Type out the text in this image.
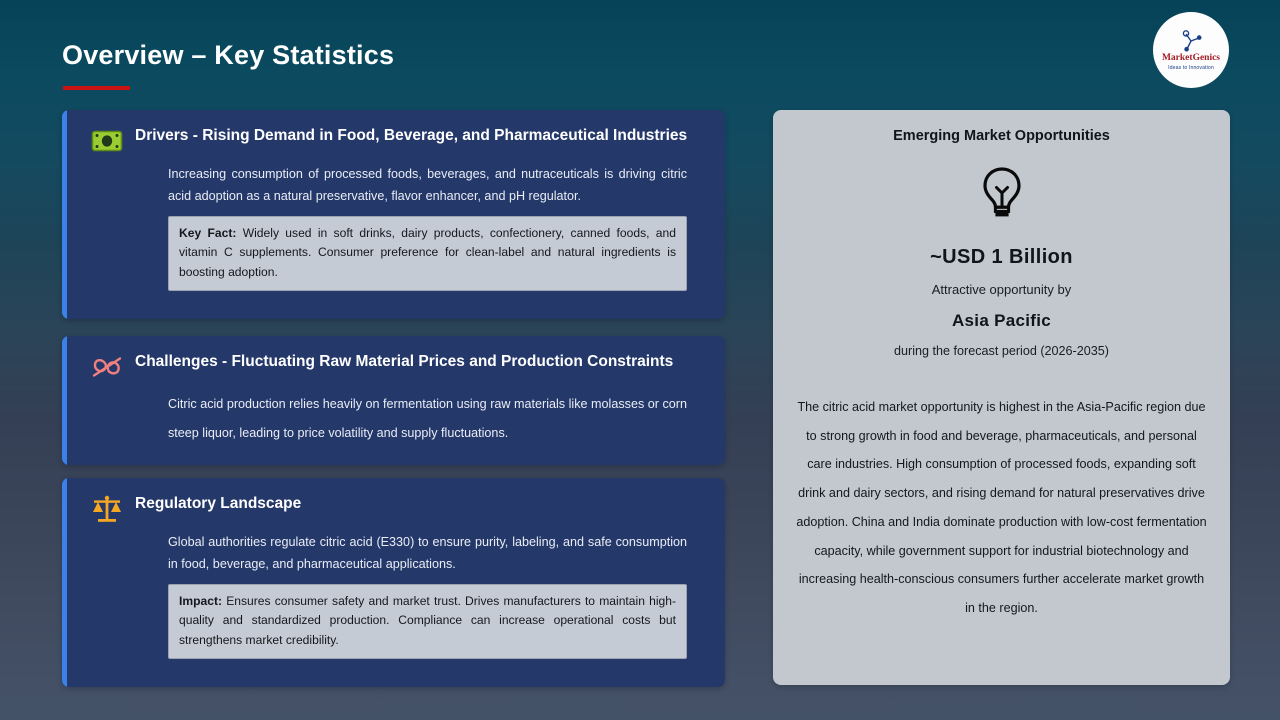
Overview – Key Statistics	MarketGenics
Ideas to Innovation
Drivers - Rising Demand in Food, Beverage, and Pharmaceutical Industries
Increasing consumption of processed foods, beverages, and nutraceuticals is driving citric acid adoption as a natural preservative, flavor enhancer, and pH regulator.
Key Fact: Widely used in soft drinks, dairy products, confectionery, canned foods, and vitamin C supplements. Consumer preference for clean-label and natural ingredients is boosting adoption.
Challenges - Fluctuating Raw Material Prices and Production Constraints
Citric acid production relies heavily on fermentation using raw materials like molasses or corn steep liquor, leading to price volatility and supply fluctuations.
Regulatory Landscape
Global authorities regulate citric acid (E330) to ensure purity, labeling, and safe consumption in food, beverage, and pharmaceutical applications.
Impact: Ensures consumer safety and market trust. Drives manufacturers to maintain high-quality and standardized production. Compliance can increase operational costs but strengthens market credibility.
Emerging Market Opportunities
~USD 1 Billion
Attractive opportunity by
Asia Pacific
during the forecast period (2026-2035)
The citric acid market opportunity is highest in the Asia-Pacific region due to strong growth in food and beverage, pharmaceuticals, and personal care industries. High consumption of processed foods, expanding soft drink and dairy sectors, and rising demand for natural preservatives drive adoption. China and India dominate production with low-cost fermentation capacity, while government support for industrial biotechnology and increasing health-conscious consumers further accelerate market growth in the region.
